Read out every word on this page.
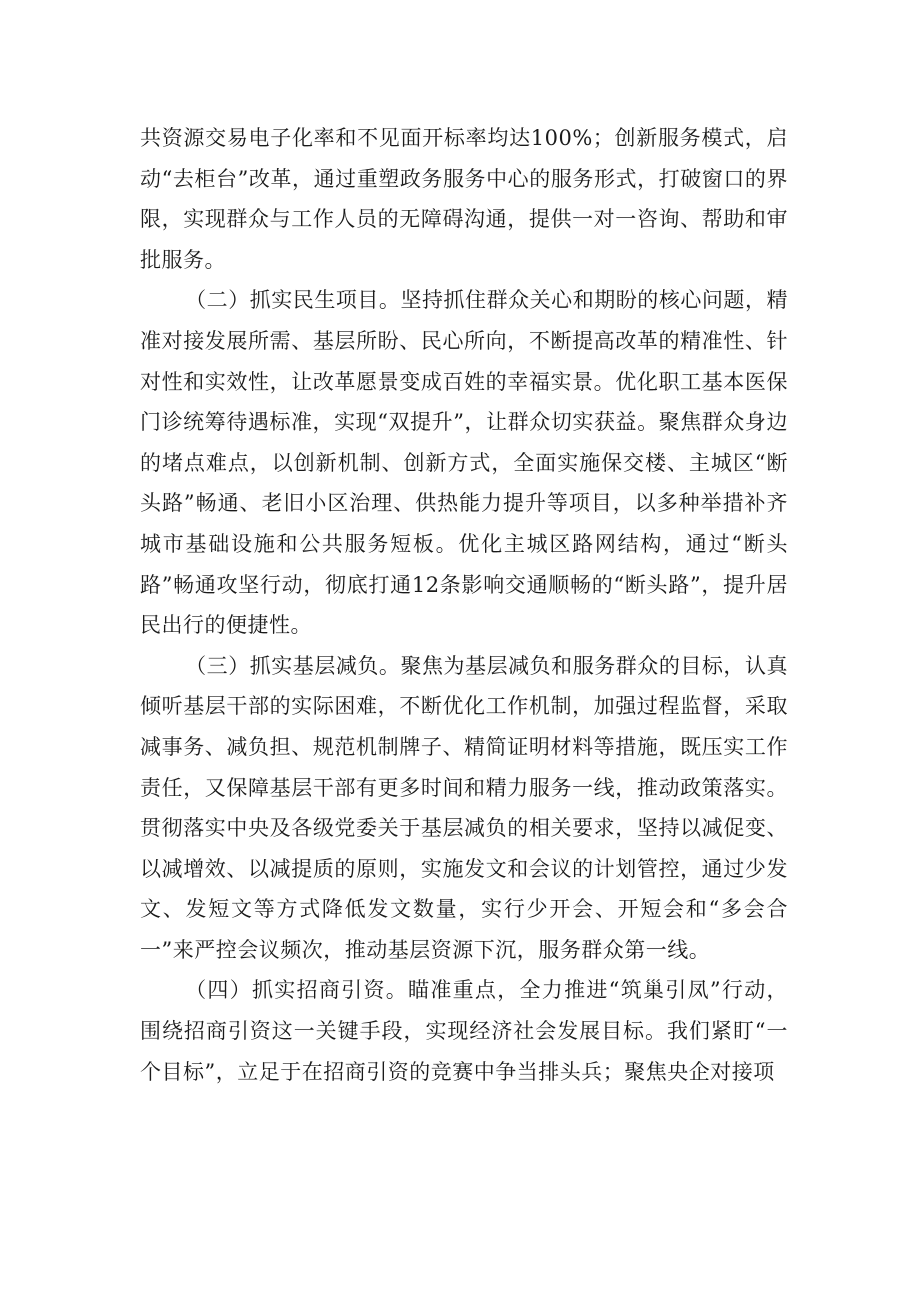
共资源交易电子化率和不见面开标率均达100%；创新服务模式，启动“去柜台”改革，通过重塑政务服务中心的服务形式，打破窗口的界限，实现群众与工作人员的无障碍沟通，提供一对一咨询、帮助和审批服务。

（二）抓实民生项目。坚持抓住群众关心和期盼的核心问题，精准对接发展所需、基层所盼、民心所向，不断提高改革的精准性、针对性和实效性，让改革愿景变成百姓的幸福实景。优化职工基本医保门诊统筹待遇标准，实现“双提升”，让群众切实获益。聚焦群众身边的堵点难点，以创新机制、创新方式，全面实施保交楼、主城区“断头路”畅通、老旧小区治理、供热能力提升等项目，以多种举措补齐城市基础设施和公共服务短板。优化主城区路网结构，通过“断头路”畅通攻坚行动，彻底打通12条影响交通顺畅的“断头路”，提升居民出行的便捷性。

（三）抓实基层减负。聚焦为基层减负和服务群众的目标，认真倾听基层干部的实际困难，不断优化工作机制，加强过程监督，采取减事务、减负担、规范机制牌子、精简证明材料等措施，既压实工作责任，又保障基层干部有更多时间和精力服务一线，推动政策落实。贯彻落实中央及各级党委关于基层减负的相关要求，坚持以减促变、以减增效、以减提质的原则，实施发文和会议的计划管控，通过少发文、发短文等方式降低发文数量，实行少开会、开短会和“多会合一”来严控会议频次，推动基层资源下沉，服务群众第一线。

（四）抓实招商引资。瞄准重点，全力推进“筑巢引凤”行动，围绕招商引资这一关键手段，实现经济社会发展目标。我们紧盯“一个目标”，立足于在招商引资的竞赛中争当排头兵；聚焦央企对接项
